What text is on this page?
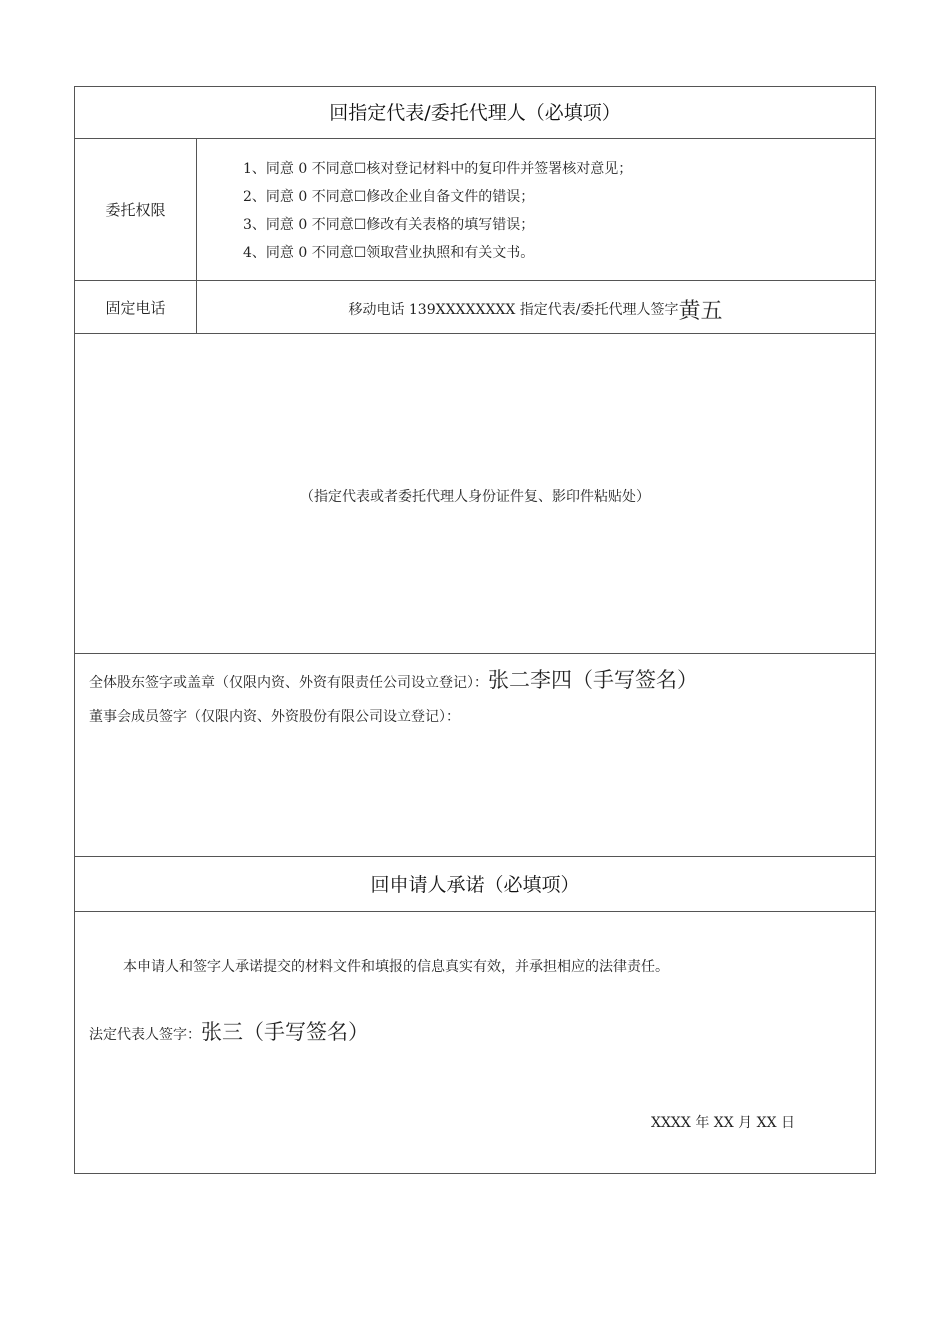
回指定代表/委托代理人（必填项）
委托权限
1、同意 0 不同意☐核对登记材料中的复印件并签署核对意见；
2、同意 0 不同意☐修改企业自备文件的错误；
3、同意 0 不同意☐修改有关表格的填写错误；
4、同意 0 不同意☐领取营业执照和有关文书。
固定电话	移动电话 139XXXXXXXX 指定代表/委托代理人签字 黄五
（指定代表或者委托代理人身份证件复、影印件粘贴处）
全体股东签字或盖章（仅限内资、外资有限责任公司设立登记）：张二李四（手写签名）
董事会成员签字（仅限内资、外资股份有限公司设立登记）：
回申请人承诺（必填项）
本申请人和签字人承诺提交的材料文件和填报的信息真实有效，并承担相应的法律责任。
法定代表人签字：张三（手写签名）
XXXX 年 XX 月 XX 日
